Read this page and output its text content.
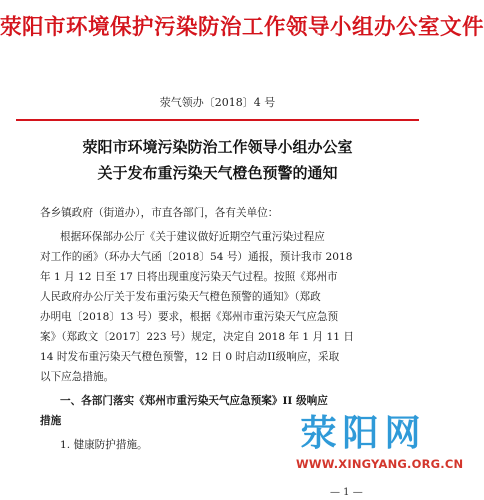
荥阳市环境保护污染防治工作领导小组办公室文件
荥气领办〔2018〕4 号
荥阳市环境污染防治工作领导小组办公室
关于发布重污染天气橙色预警的通知
各乡镇政府（街道办），市直各部门，各有关单位：
根据环保部办公厅《关于建议做好近期空气重污染过程应
对工作的函》（环办大气函〔2018〕54 号）通报，预计我市 2018
年 1 月 12 日至 17 日将出现重度污染天气过程。按照《郑州市
人民政府办公厅关于发布重污染天气橙色预警的通知》（郑政
办明电〔2018〕13 号）要求，根据《郑州市重污染天气应急预
案》（郑政文〔2017〕223 号）规定，决定自 2018 年 1 月 11 日
14 时发布重污染天气橙色预警，12 日 0 时启动II级响应，采取
以下应急措施。
一、各部门落实《郑州市重污染天气应急预案》II 级响应
措施
1. 健康防护措施。	荥阳网
WWW.XINGYANG.ORG.CN
— 1 —
